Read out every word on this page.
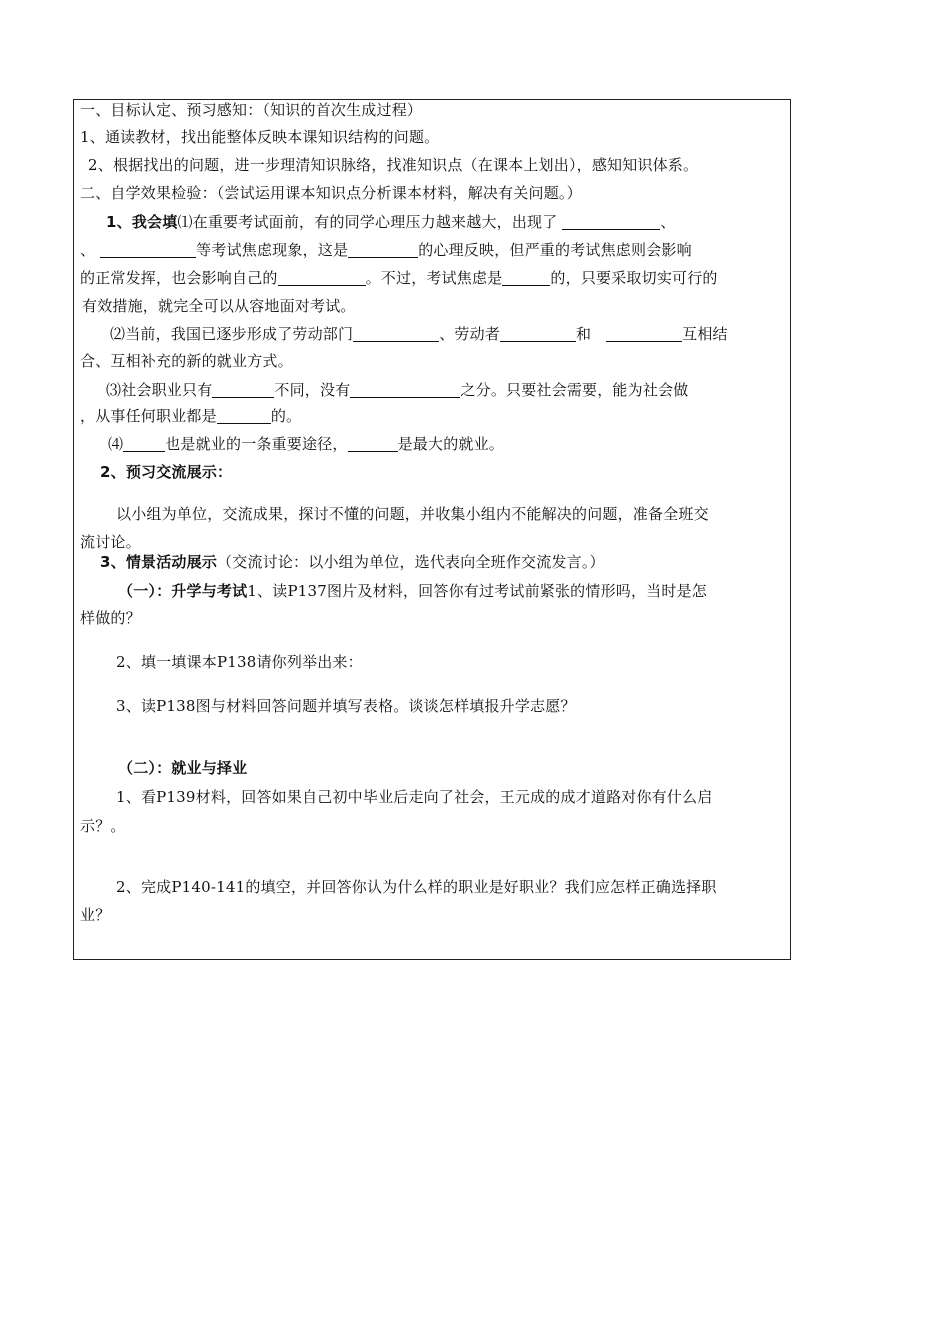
一、目标认定、预习感知：（知识的首次生成过程）
1、通读教材，找出能整体反映本课知识结构的问题。
2、根据找出的问题，进一步理清知识脉络，找准知识点（在课本上划出），感知知识体系。
二、自学效果检验：（尝试运用课本知识点分析课本材料，解决有关问题。）
1、我会填⑴在重要考试面前，有的同学心理压力越来越大，出现了	、
、	等考试焦虑现象，这是	的心理反映，但严重的考试焦虑则会影响
的正常发挥，也会影响自己的	。不过，考试焦虑是	的，只要采取切实可行的
有效措施，就完全可以从容地面对考试。
⑵当前，我国已逐步形成了劳动部门	、劳动者	和	互相结
合、互相补充的新的就业方式。
⑶社会职业只有	不同，没有	之分。只要社会需要，能为社会做
，从事任何职业都是	的。
⑷	也是就业的一条重要途径，	是最大的就业。
2、预习交流展示：
以小组为单位，交流成果，探讨不懂的问题，并收集小组内不能解决的问题，准备全班交
流讨论。
3、情景活动展示（交流讨论：以小组为单位，选代表向全班作交流发言。）
（一）：升学与考试1、读P137图片及材料，回答你有过考试前紧张的情形吗，当时是怎
样做的？
2、填一填课本P138请你列举出来：
3、读P138图与材料回答问题并填写表格。谈谈怎样填报升学志愿？
（二）：就业与择业
1、看P139材料，回答如果自己初中毕业后走向了社会，王元成的成才道路对你有什么启
示？。
2、完成P140-141的填空，并回答你认为什么样的职业是好职业？我们应怎样正确选择职
业？
